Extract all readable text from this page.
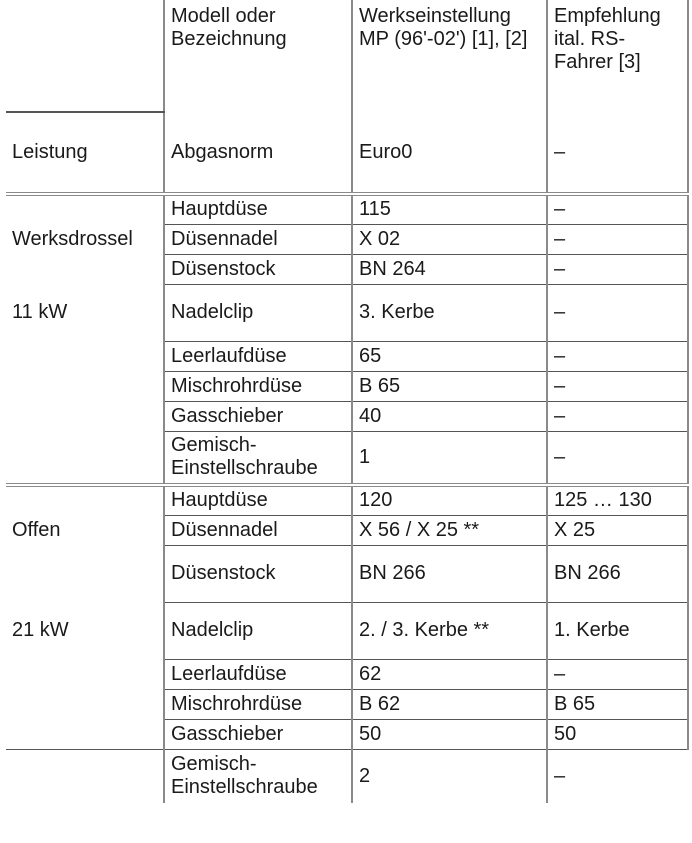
	Modell oder Bezeichnung	Werkseinstellung MP (96'-02') [1], [2]	Empfehlung ital. RS-Fahrer [3]
Leistung	Abgasnorm	Euro0	–
	Hauptdüse	115	–
Werksdrossel	Düsennadel	X 02	–
	Düsenstock	BN 264	–
11 kW	Nadelclip	3. Kerbe	–
	Leerlaufdüse	65	–
	Mischrohrdüse	B 65	–
	Gasschieber	40	–
	Gemisch-Einstellschraube	1	–
	Hauptdüse	120	125 … 130
Offen	Düsennadel	X 56 / X 25 **	X 25
	Düsenstock	BN 266	BN 266
21 kW	Nadelclip	2. / 3. Kerbe **	1. Kerbe
	Leerlaufdüse	62	–
	Mischrohrdüse	B 62	B 65
	Gasschieber	50	50
	Gemisch-Einstellschraube	2	–
